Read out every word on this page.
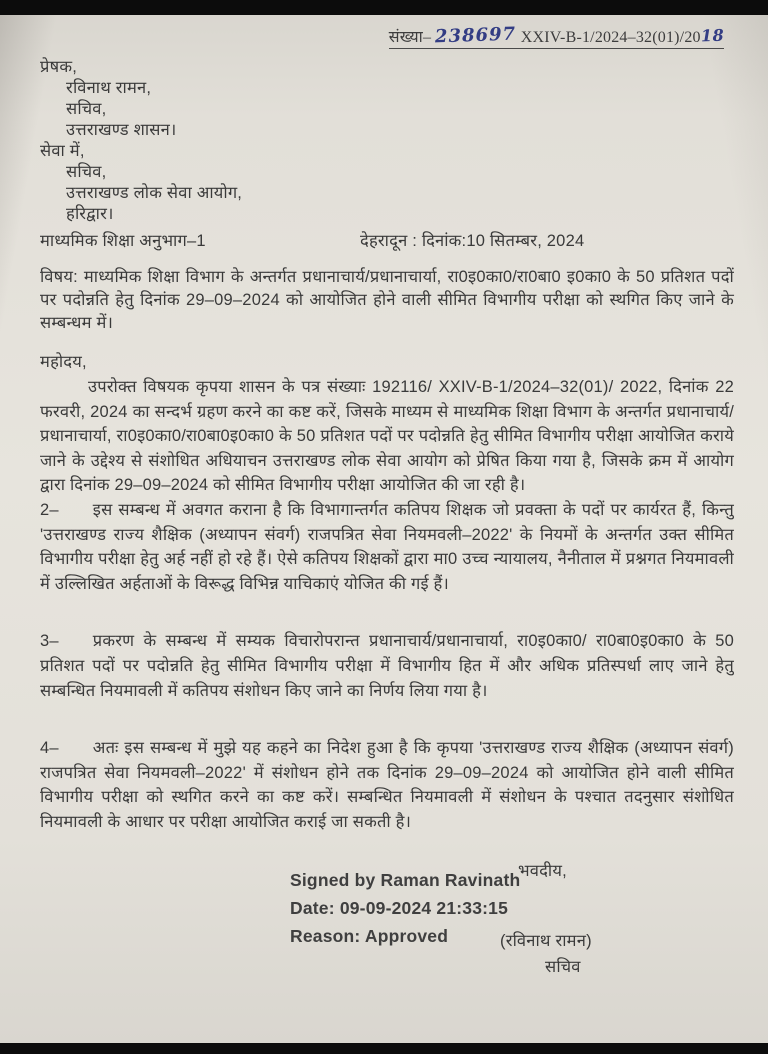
संख्या– 238697 XXIV-B-1/2024–32(01)/2018
प्रेषक,
रविनाथ रामन,
सचिव,
उत्तराखण्ड शासन।
सेवा में,
सचिव,
उत्तराखण्ड लोक सेवा आयोग,
हरिद्वार।
माध्यमिक शिक्षा अनुभाग–1	देहरादून : दिनांक:10 सितम्बर, 2024
विषय: माध्यमिक शिक्षा विभाग के अन्तर्गत प्रधानाचार्य/प्रधानाचार्या, रा0इ0का0/रा0बा0 इ0का0 के 50 प्रतिशत पदों पर पदोन्नति हेतु दिनांक 29–09–2024 को आयोजित होने वाली सीमित विभागीय परीक्षा को स्थगित किए जाने के सम्बन्धम में।
महोदय,

उपरोक्त विषयक कृपया शासन के पत्र संख्याः 192116/ XXIV-B-1/2024–32(01)/ 2022, दिनांक 22 फरवरी, 2024 का सन्दर्भ ग्रहण करने का कष्ट करें, जिसके माध्यम से माध्यमिक शिक्षा विभाग के अन्तर्गत प्रधानाचार्य/प्रधानाचार्या, रा0इ0का0/रा0बा0इ0का0 के 50 प्रतिशत पदों पर पदोन्नति हेतु सीमित विभागीय परीक्षा आयोजित कराये जाने के उद्देश्य से संशोधित अधियाचन उत्तराखण्ड लोक सेवा आयोग को प्रेषित किया गया है, जिसके क्रम में आयोग द्वारा दिनांक 29–09–2024 को सीमित विभागीय परीक्षा आयोजित की जा रही है।

2– इस सम्बन्ध में अवगत कराना है कि विभागान्तर्गत कतिपय शिक्षक जो प्रवक्ता के पदों पर कार्यरत हैं, किन्तु 'उत्तराखण्ड राज्य शैक्षिक (अध्यापन संवर्ग) राजपत्रित सेवा नियमवली–2022' के नियमों के अन्तर्गत उक्त सीमित विभागीय परीक्षा हेतु अर्ह नहीं हो रहे हैं। ऐसे कतिपय शिक्षकों द्वारा मा0 उच्च न्यायालय, नैनीताल में प्रश्नगत नियमावली में उल्लिखित अर्हताओं के विरूद्ध विभिन्न याचिकाएं योजित की गई हैं।

3– प्रकरण के सम्बन्ध में सम्यक विचारोपरान्त प्रधानाचार्य/प्रधानाचार्या, रा0इ0का0/ रा0बा0इ0का0 के 50 प्रतिशत पदों पर पदोन्नति हेतु सीमित विभागीय परीक्षा में विभागीय हित में और अधिक प्रतिस्पर्धा लाए जाने हेतु सम्बन्धित नियमावली में कतिपय संशोधन किए जाने का निर्णय लिया गया है।

4– अतः इस सम्बन्ध में मुझे यह कहने का निदेश हुआ है कि कृपया 'उत्तराखण्ड राज्य शैक्षिक (अध्यापन संवर्ग) राजपत्रित सेवा नियमवली–2022' में संशोधन होने तक दिनांक 29–09–2024 को आयोजित होने वाली सीमित विभागीय परीक्षा को स्थगित करने का कष्ट करें। सम्बन्धित नियमावली में संशोधन के पश्चात तदनुसार संशोधित नियमावली के आधार पर परीक्षा आयोजित कराई जा सकती है।

भवदीय,
Signed by Raman Ravinath
Date: 09-09-2024 21:33:15
Reason: Approved	(रविनाथ रामन)
सचिव
